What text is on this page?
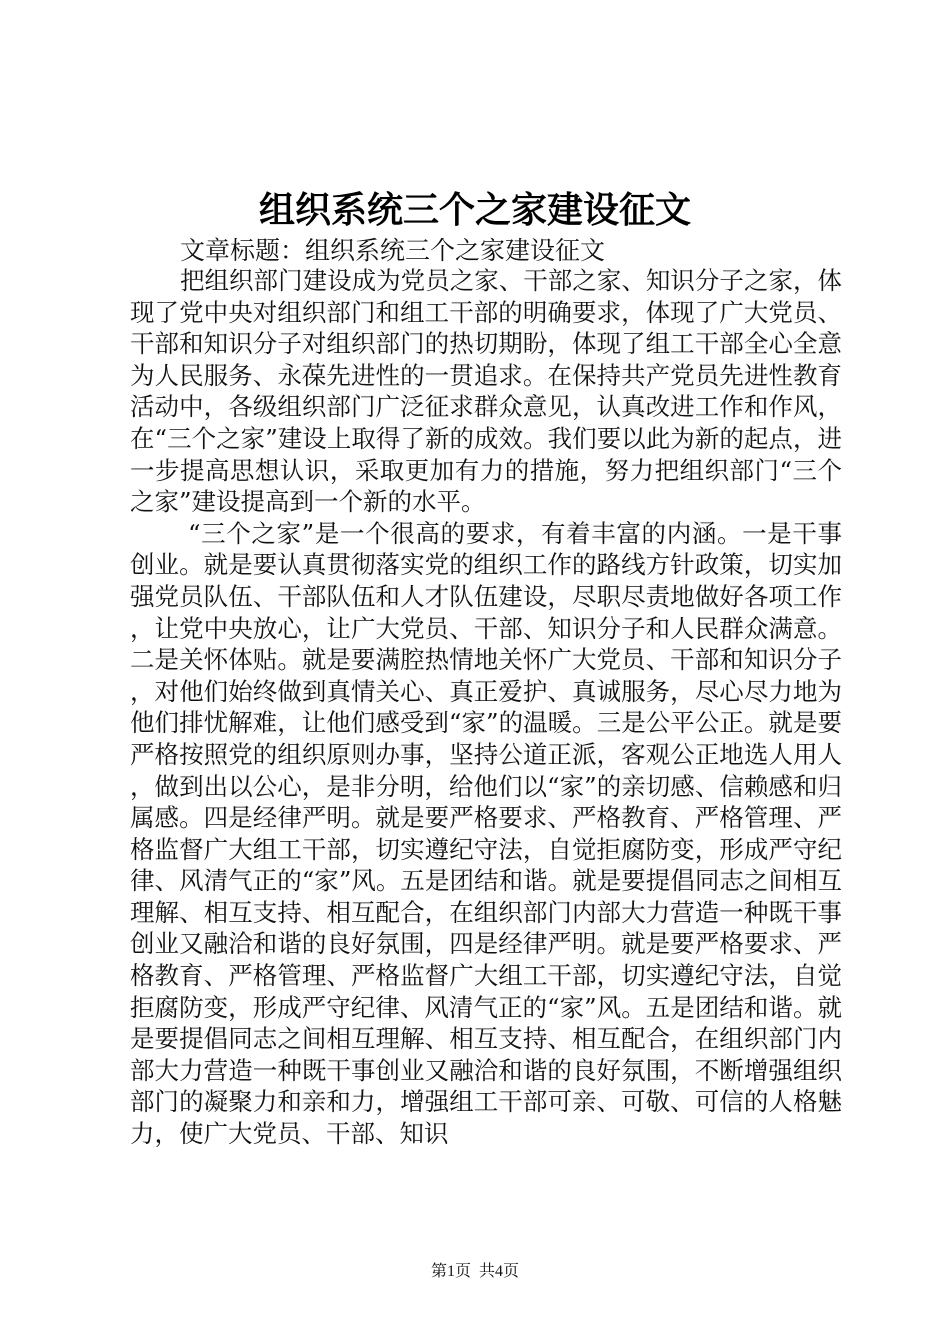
组织系统三个之家建设征文

文章标题：组织系统三个之家建设征文

把组织部门建设成为党员之家、干部之家、知识分子之家，体现了党中央对组织部门和组工干部的明确要求，体现了广大党员、干部和知识分子对组织部门的热切期盼，体现了组工干部全心全意为人民服务、永葆先进性的一贯追求。在保持共产党员先进性教育活动中，各级组织部门广泛征求群众意见，认真改进工作和作风，在“三个之家”建设上取得了新的成效。我们要以此为新的起点，进一步提高思想认识，采取更加有力的措施，努力把组织部门“三个之家”建设提高到一个新的水平。

“三个之家”是一个很高的要求，有着丰富的内涵。一是干事创业。就是要认真贯彻落实党的组织工作的路线方针政策，切实加强党员队伍、干部队伍和人才队伍建设，尽职尽责地做好各项工作，让党中央放心，让广大党员、干部、知识分子和人民群众满意。二是关怀体贴。就是要满腔热情地关怀广大党员、干部和知识分子，对他们始终做到真情关心、真正爱护、真诚服务，尽心尽力地为他们排忧解难，让他们感受到“家”的温暖。三是公平公正。就是要严格按照党的组织原则办事，坚持公道正派，客观公正地选人用人，做到出以公心，是非分明，给他们以“家”的亲切感、信赖感和归属感。四是经律严明。就是要严格要求、严格教育、严格管理、严格监督广大组工干部，切实遵纪守法，自觉拒腐防变，形成严守纪律、风清气正的“家”风。五是团结和谐。就是要提倡同志之间相互理解、相互支持、相互配合，在组织部门内部大力营造一种既干事创业又融洽和谐的良好氛围，四是经律严明。就是要严格要求、严格教育、严格管理、严格监督广大组工干部，切实遵纪守法，自觉拒腐防变，形成严守纪律、风清气正的“家”风。五是团结和谐。就是要提倡同志之间相互理解、相互支持、相互配合，在组织部门内部大力营造一种既干事创业又融洽和谐的良好氛围，不断增强组织部门的凝聚力和亲和力，增强组工干部可亲、可敬、可信的人格魅力，使广大党员、干部、知识

第1页 共4页
